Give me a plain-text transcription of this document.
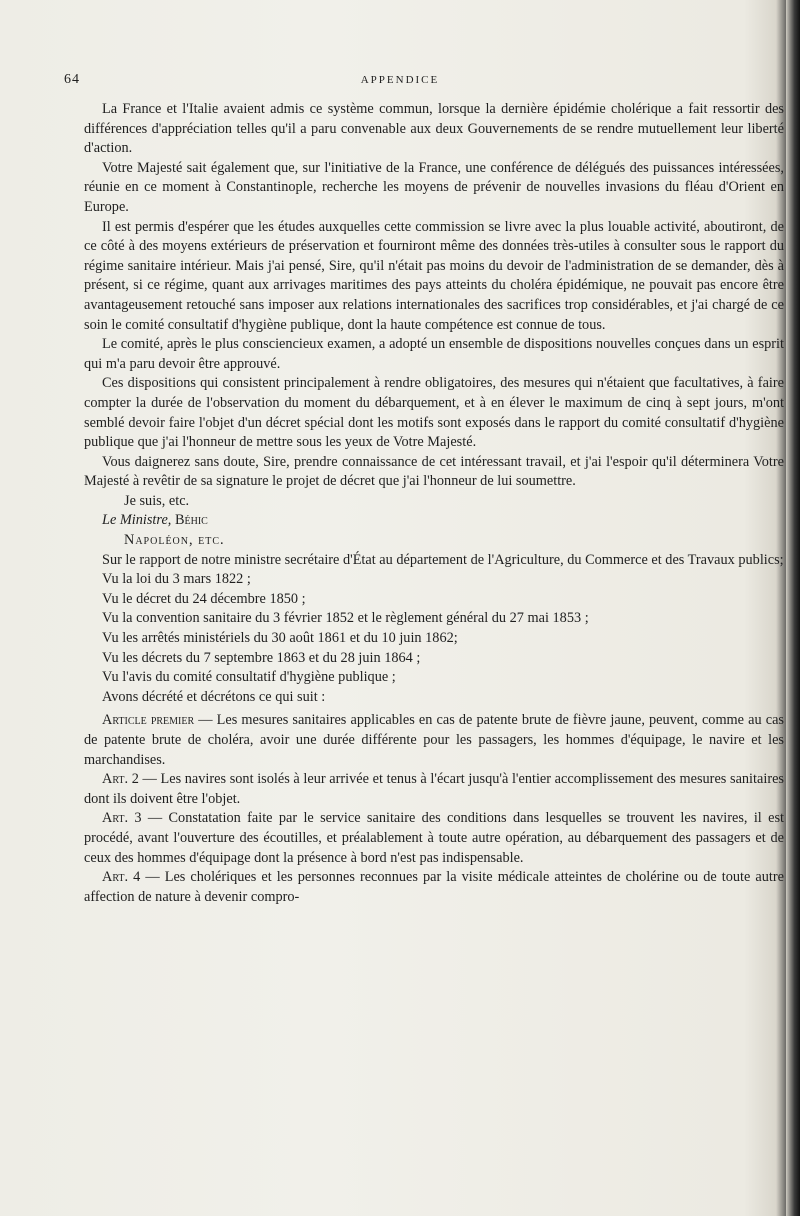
64	APPENDICE

La France et l'Italie avaient admis ce système commun, lorsque la dernière épidémie cholérique a fait ressortir des différences d'appréciation telles qu'il a paru convenable aux deux Gouvernements de se rendre mutuellement leur liberté d'action.

Votre Majesté sait également que, sur l'initiative de la France, une conférence de délégués des puissances intéressées, réunie en ce moment à Constantinople, recherche les moyens de prévenir de nouvelles invasions du fléau d'Orient en Europe.

Il est permis d'espérer que les études auxquelles cette commission se livre avec la plus louable activité, aboutiront, de ce côté à des moyens extérieurs de préservation et fourniront même des données très-utiles à consulter sous le rapport du régime sanitaire intérieur. Mais j'ai pensé, Sire, qu'il n'était pas moins du devoir de l'administration de se demander, dès à présent, si ce régime, quant aux arrivages maritimes des pays atteints du choléra épidémique, ne pouvait pas encore être avantageusement retouché sans imposer aux relations internationales des sacrifices trop considérables, et j'ai chargé de ce soin le comité consultatif d'hygiène publique, dont la haute compétence est connue de tous.

Le comité, après le plus consciencieux examen, a adopté un ensemble de dispositions nouvelles conçues dans un esprit qui m'a paru devoir être approuvé.

Ces dispositions qui consistent principalement à rendre obligatoires, des mesures qui n'étaient que facultatives, à faire compter la durée de l'observation du moment du débarquement, et à en élever le maximum de cinq à sept jours, m'ont semblé devoir faire l'objet d'un décret spécial dont les motifs sont exposés dans le rapport du comité consultatif d'hygiène publique que j'ai l'honneur de mettre sous les yeux de Votre Majesté.

Vous daignerez sans doute, Sire, prendre connaissance de cet intéressant travail, et j'ai l'espoir qu'il déterminera Votre Majesté à revêtir de sa signature le projet de décret que j'ai l'honneur de lui soumettre.

Je suis, etc.

Le Ministre, Béhic

Napoléon, etc.

Sur le rapport de notre ministre secrétaire d'État au département de l'Agriculture, du Commerce et des Travaux publics;

Vu la loi du 3 mars 1822 ;

Vu le décret du 24 décembre 1850 ;

Vu la convention sanitaire du 3 février 1852 et le règlement général du 27 mai 1853 ;

Vu les arrêtés ministériels du 30 août 1861 et du 10 juin 1862;

Vu les décrets du 7 septembre 1863 et du 28 juin 1864 ;

Vu l'avis du comité consultatif d'hygiène publique ;

Avons décrété et décrétons ce qui suit :

Article premier — Les mesures sanitaires applicables en cas de patente brute de fièvre jaune, peuvent, comme au cas de patente brute de choléra, avoir une durée différente pour les passagers, les hommes d'équipage, le navire et les marchandises.

Art. 2 — Les navires sont isolés à leur arrivée et tenus à l'écart jusqu'à l'entier accomplissement des mesures sanitaires dont ils doivent être l'objet.

Art. 3 — Constatation faite par le service sanitaire des conditions dans lesquelles se trouvent les navires, il est procédé, avant l'ouverture des écoutilles, et préalablement à toute autre opération, au débarquement des passagers et de ceux des hommes d'équipage dont la présence à bord n'est pas indispensable.

Art. 4 — Les cholériques et les personnes reconnues par la visite médicale atteintes de cholérine ou de toute autre affection de nature à devenir compro-
